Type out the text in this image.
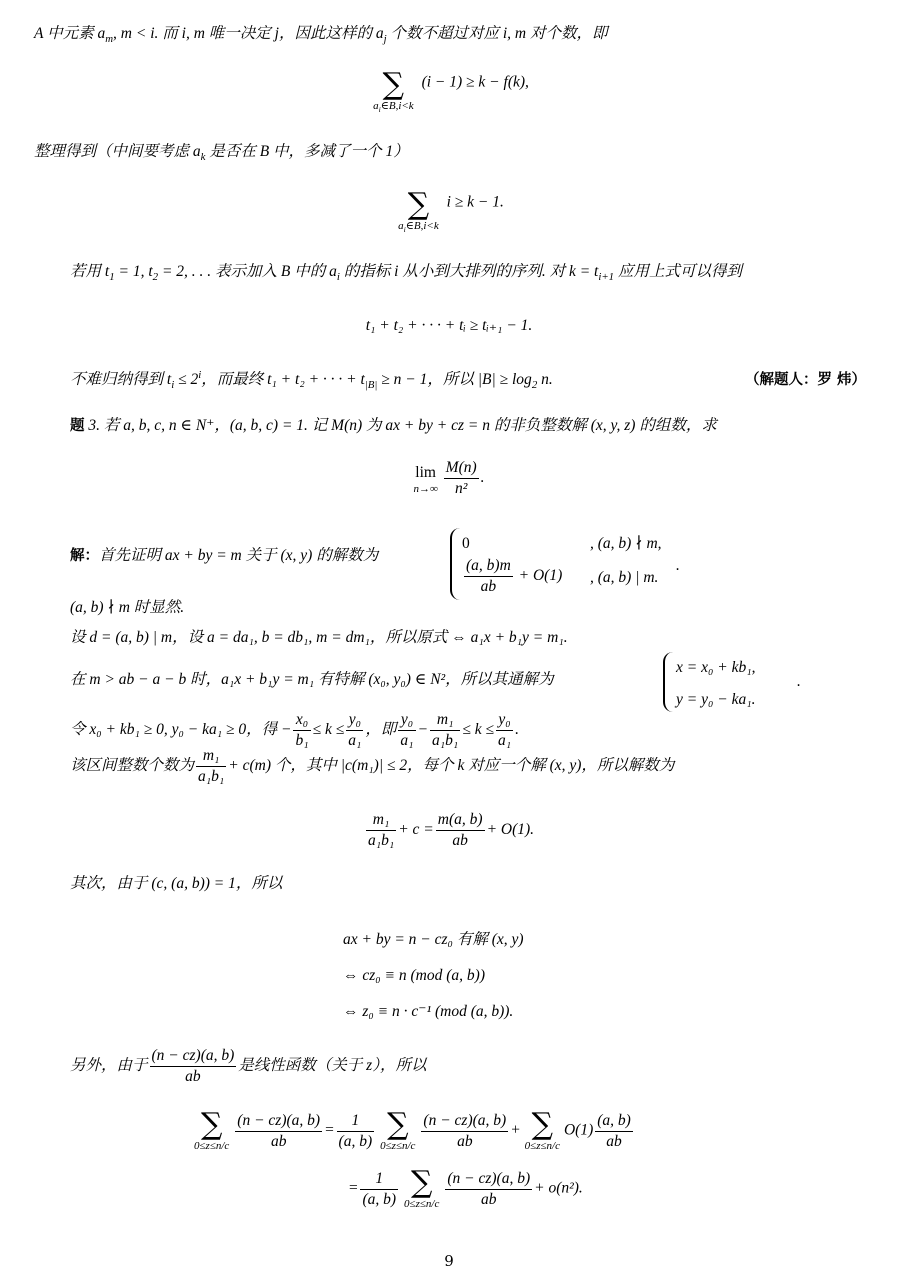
A 中元素 $a_m$, m < i. 而 i, m 唯一决定 j，因此这样的 $a_j$ 个数不超过对应 i, m 对个数，即
∑
$a_i\in B,i<k$
(i − 1) ≥ k − f(k),
整理得到（中间要考虑 $a_k$ 是否在 B 中，多减了一个 1）
∑
$a_i\in B,i<k$
i ≥ k − 1.
若用 $t_1 = 1$, $t_2 = 2$, . . . 表示加入 B 中的 $a_i$ 的指标 i 从小到大排列的序列. 对 $k = t_{i+1}$ 应用上式可以得到
t₁ + t₂ + · · · + tᵢ ≥ tᵢ₊₁ − 1.
不难归纳得到 $t_i \le 2^i$，而最终 t₁ + t₂ + · · · + $t_{|B|} \ge n - 1$，所以 $|B| \ge \log_2 n$.	（解题人：罗 炜）
题 3. 若 a, b, c, n ∈ N⁺，(a, b, c) = 1. 记 M(n) 为 ax + by + cz = n 的非负整数解 (x, y, z) 的组数，求
lim
n→∞
$\frac{M(n)}{\text{n²}}$ .
解：首先证明 ax + by = m 关于 (x, y) 的解数为
0	, (a, b) ∤ m,
$\frac{(a, b)m}{ab} + O(1)$ , (a, b) | m.
.
(a, b) ∤ m 时显然.
设 d = (a, b) | m，设 a = da₁, b = db₁, m = dm₁，所以原式 ⇔ a₁x + b₁y = m₁.
在 m > ab − a − b 时，a₁x + b₁y = m₁ 有特解 (x₀, y₀) ∈ N²，所以其通解为
x = x₀ + kb₁,
y = y₀ − ka₁.
.
令 x₀ + kb₁ ≥ 0, y₀ − ka₁ ≥ 0，得 − $\frac{\text{x₀}}{\text{b₁}} \le k \le \frac{\text{y₀}}{\text{a₁}}$ ，即 $\frac{\text{y₀}}{\text{a₁}} - \frac{\text{m₁}}{\text{a₁b₁}} \le k \le \frac{\text{y₀}}{\text{a₁}}$ .
该区间整数个数为 $\frac{\text{m₁}}{\text{a₁b₁}} + c(m)$ 个，其中 |c(m₁)| ≤ 2，每个 k 对应一个解 (x, y)，所以解数为
$\frac{\text{m₁}}{\text{a₁b₁}} + c = \frac{m(a, b)}{ab} + O(1)$.
其次，由于 (c, (a, b)) = 1，所以
ax + by = n − cz₀ 有解 (x, y)
⇔ cz₀ ≡ n (mod (a, b))
⇔ z₀ ≡ n · c⁻¹ (mod (a, b)).
另外，由于 $\frac{(n - cz)(a, b)}{ab}$ 是线性函数（关于 z），所以
∑
$0\le z\le n/c \frac{(n - cz)(a, b)}{ab} = \frac{1}{(a, b)}$ ∑
$0\le z\le n/c \frac{(n - cz)(a, b)}{ab}$ + ∑
0≤z≤n/c
$O(1) \frac{(a, b)}{ab}$
= $\frac{1}{(a, b)}$ ∑
$0\le z\le n/c \frac{(n - cz)(a, b)}{ab} + o(n^2)$.
9
